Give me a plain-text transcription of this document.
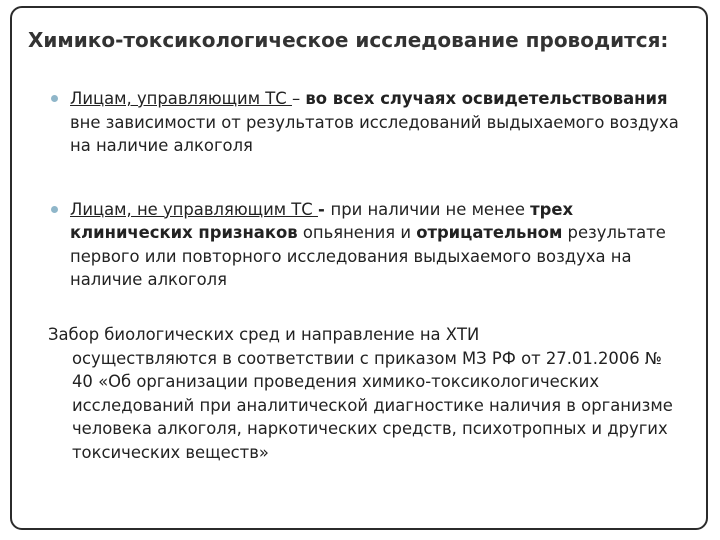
Химико-токсикологическое исследование проводится:
Лицам, управляющим ТС – во всех случаях освидетельствования вне зависимости от результатов исследований выдыхаемого воздуха на наличие алкоголя
Лицам, не управляющим ТС - при наличии не менее трех клинических признаков опьянения и отрицательном результате первого или повторного исследования выдыхаемого воздуха на наличие алкоголя
Забор биологических сред и направление на ХТИ
осуществляются в соответствии с приказом МЗ РФ от 27.01.2006 № 40 «Об организации проведения химико-токсикологических исследований при аналитической диагностике наличия в организме человека алкоголя, наркотических средств, психотропных и других токсических веществ»
